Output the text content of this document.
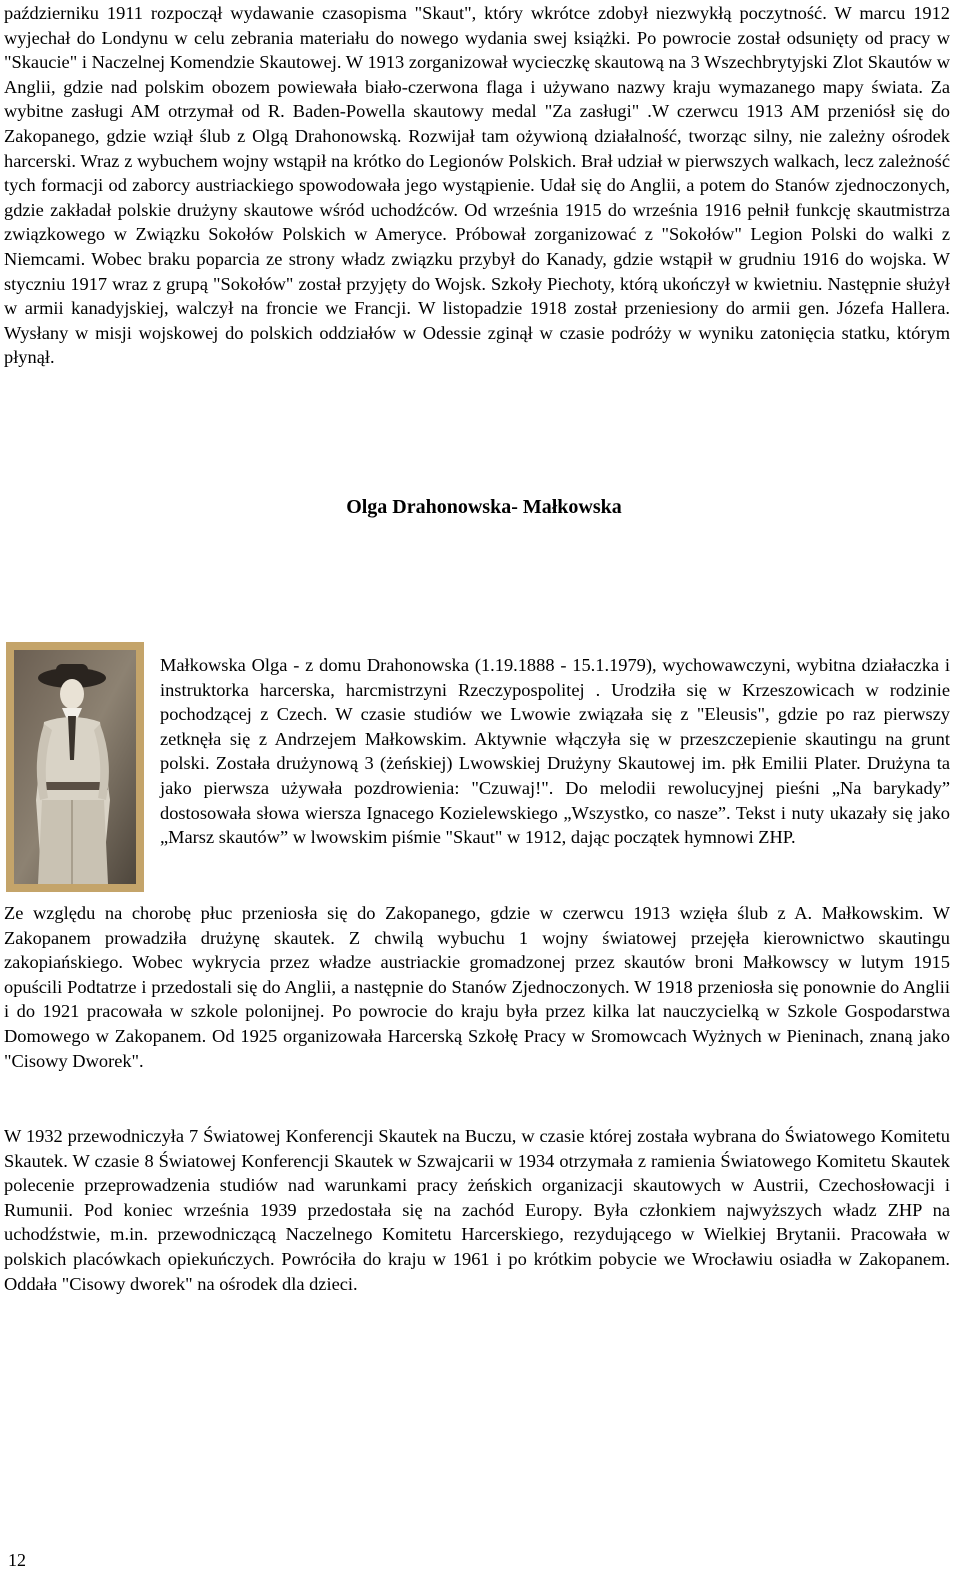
październiku 1911 rozpoczął wydawanie czasopisma "Skaut", który wkrótce zdobył niezwykłą poczytność. W marcu 1912 wyjechał do Londynu w celu zebrania materiału do nowego wydania swej książki. Po powrocie został odsunięty od pracy w "Skaucie" i Naczelnej Komendzie Skautowej. W 1913 zorganizował wycieczkę skautową na 3 Wszechbrytyjski Zlot Skautów w Anglii, gdzie nad polskim obozem powiewała biało-czerwona flaga i używano nazwy kraju wymazanego mapy świata. Za wybitne zasługi AM otrzymał od R. Baden-Powella skautowy medal "Za zasługi" .W czerwcu 1913 AM przeniósł się do Zakopanego, gdzie wziął ślub z Olgą Drahonowską. Rozwijał tam ożywioną działalność, tworząc silny, nie zależny ośrodek harcerski. Wraz z wybuchem wojny wstąpił na krótko do Legionów Polskich. Brał udział w pierwszych walkach, lecz zależność tych formacji od zaborcy austriackiego spowodowała jego wystąpienie. Udał się do Anglii, a potem do Stanów zjednoczonych, gdzie zakładał polskie drużyny skautowe wśród uchodźców. Od września 1915 do września 1916 pełnił funkcję skautmistrza związkowego w Związku Sokołów Polskich w Ameryce. Próbował zorganizować z "Sokołów" Legion Polski do walki z Niemcami. Wobec braku poparcia ze strony władz związku przybył do Kanady, gdzie wstąpił w grudniu 1916 do wojska. W styczniu 1917 wraz z grupą "Sokołów" został przyjęty do Wojsk. Szkoły Piechoty, którą ukończył w kwietniu. Następnie służył w armii kanadyjskiej, walczył na froncie we Francji. W listopadzie 1918 został przeniesiony do armii gen. Józefa Hallera. Wysłany w misji wojskowej do polskich oddziałów w Odessie zginął w czasie podróży w wyniku zatonięcia statku, którym płynął.

Olga Drahonowska- Małkowska

Małkowska Olga - z domu Drahonowska (1.19.1888 - 15.1.1979), wychowawczyni, wybitna działaczka i instruktorka harcerska, harcmistrzyni Rzeczypospolitej . Urodziła się w Krzeszowicach w rodzinie pochodzącej z Czech. W czasie studiów we Lwowie związała się z "Eleusis", gdzie po raz pierwszy zetknęła się z Andrzejem Małkowskim. Aktywnie włączyła się w przeszczepienie skautingu na grunt polski. Została drużynową 3 (żeńskiej) Lwowskiej Drużyny Skautowej im. płk Emilii Plater. Drużyna ta jako pierwsza używała pozdrowienia: "Czuwaj!". Do melodii rewolucyjnej pieśni „Na barykady” dostosowała słowa wiersza Ignacego Kozielewskiego „Wszystko, co nasze”. Tekst i nuty ukazały się jako „Marsz skautów” w lwowskim piśmie "Skaut" w 1912, dając początek hymnowi ZHP.

Ze względu na chorobę płuc przeniosła się do Zakopanego, gdzie w czerwcu 1913 wzięła ślub z A. Małkowskim. W Zakopanem prowadziła drużynę skautek. Z chwilą wybuchu 1 wojny światowej przejęła kierownictwo skautingu zakopiańskiego. Wobec wykrycia przez władze austriackie gromadzonej przez skautów broni Małkowscy w lutym 1915 opuścili Podtatrze i przedostali się do Anglii, a następnie do Stanów Zjednoczonych. W 1918 przeniosła się ponownie do Anglii i do 1921 pracowała w szkole polonijnej. Po powrocie do kraju była przez kilka lat nauczycielką w Szkole Gospodarstwa Domowego w Zakopanem. Od 1925 organizowała Harcerską Szkołę Pracy w Sromowcach Wyżnych w Pieninach, znaną jako "Cisowy Dworek".

W 1932 przewodniczyła 7 Światowej Konferencji Skautek na Buczu, w czasie której została wybrana do Światowego Komitetu Skautek. W czasie 8 Światowej Konferencji Skautek w Szwajcarii w 1934 otrzymała z ramienia Światowego Komitetu Skautek polecenie przeprowadzenia studiów nad warunkami pracy żeńskich organizacji skautowych w Austrii, Czechosłowacji i Rumunii. Pod koniec września 1939 przedostała się na zachód Europy. Była członkiem najwyższych władz ZHP na uchodźstwie, m.in. przewodniczącą Naczelnego Komitetu Harcerskiego, rezydującego w Wielkiej Brytanii. Pracowała w polskich placówkach opiekuńczych. Powróciła do kraju w 1961 i po krótkim pobycie we Wrocławiu osiadła w Zakopanem. Oddała "Cisowy dworek" na ośrodek dla dzieci.

12
